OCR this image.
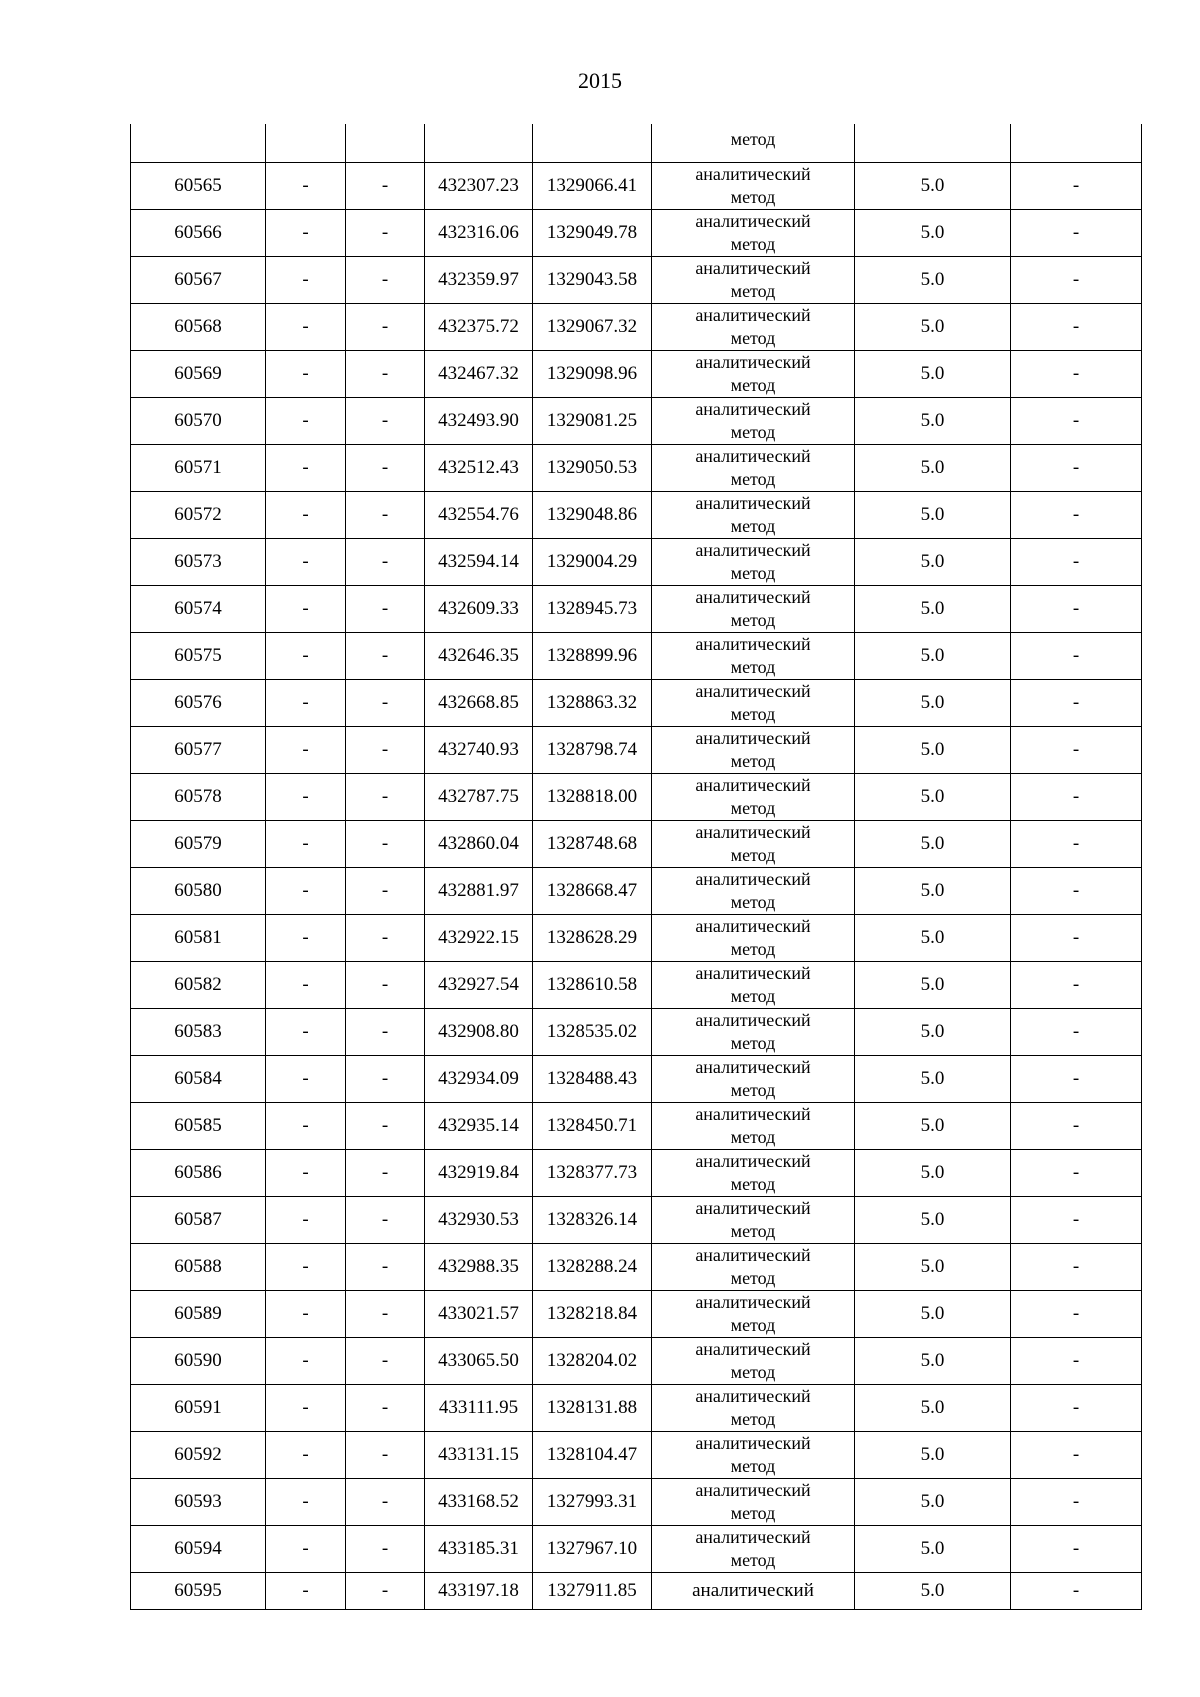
2015

					метод		

60565	-	-	432307.23	1329066.41	аналитический
метод	5.0	-
60566	-	-	432316.06	1329049.78	аналитический
метод	5.0	-
60567	-	-	432359.97	1329043.58	аналитический
метод	5.0	-
60568	-	-	432375.72	1329067.32	аналитический
метод	5.0	-
60569	-	-	432467.32	1329098.96	аналитический
метод	5.0	-
60570	-	-	432493.90	1329081.25	аналитический
метод	5.0	-
60571	-	-	432512.43	1329050.53	аналитический
метод	5.0	-
60572	-	-	432554.76	1329048.86	аналитический
метод	5.0	-
60573	-	-	432594.14	1329004.29	аналитический
метод	5.0	-
60574	-	-	432609.33	1328945.73	аналитический
метод	5.0	-
60575	-	-	432646.35	1328899.96	аналитический
метод	5.0	-
60576	-	-	432668.85	1328863.32	аналитический
метод	5.0	-
60577	-	-	432740.93	1328798.74	аналитический
метод	5.0	-
60578	-	-	432787.75	1328818.00	аналитический
метод	5.0	-
60579	-	-	432860.04	1328748.68	аналитический
метод	5.0	-
60580	-	-	432881.97	1328668.47	аналитический
метод	5.0	-
60581	-	-	432922.15	1328628.29	аналитический
метод	5.0	-
60582	-	-	432927.54	1328610.58	аналитический
метод	5.0	-
60583	-	-	432908.80	1328535.02	аналитический
метод	5.0	-
60584	-	-	432934.09	1328488.43	аналитический
метод	5.0	-
60585	-	-	432935.14	1328450.71	аналитический
метод	5.0	-
60586	-	-	432919.84	1328377.73	аналитический
метод	5.0	-
60587	-	-	432930.53	1328326.14	аналитический
метод	5.0	-
60588	-	-	432988.35	1328288.24	аналитический
метод	5.0	-
60589	-	-	433021.57	1328218.84	аналитический
метод	5.0	-
60590	-	-	433065.50	1328204.02	аналитический
метод	5.0	-
60591	-	-	433111.95	1328131.88	аналитический
метод	5.0	-
60592	-	-	433131.15	1328104.47	аналитический
метод	5.0	-
60593	-	-	433168.52	1327993.31	аналитический
метод	5.0	-
60594	-	-	433185.31	1327967.10	аналитический
метод	5.0	-
60595	-	-	433197.18	1327911.85	аналитический	5.0	-
